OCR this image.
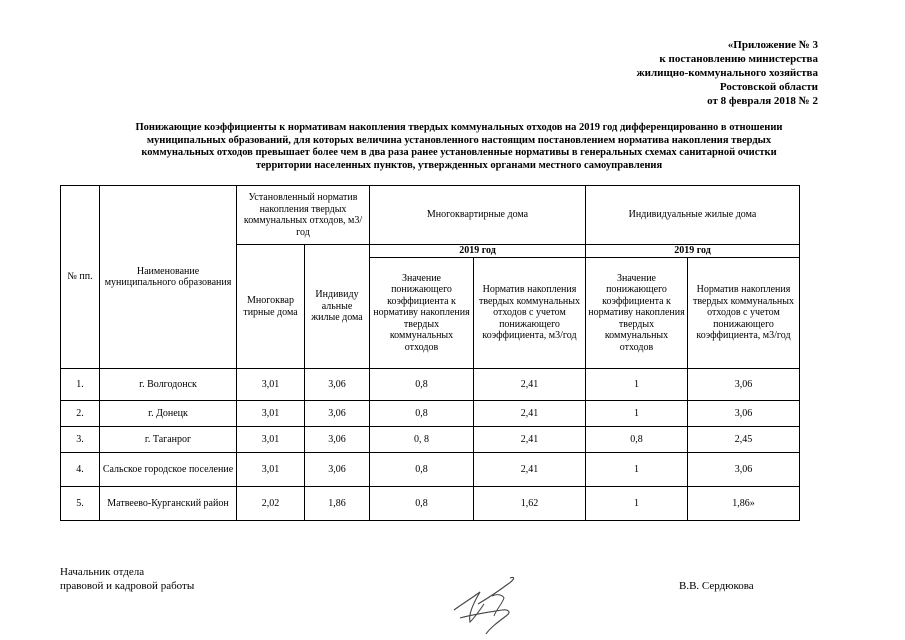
«Приложение № 3
к постановлению министерства
жилищно-коммунального хозяйства
Ростовской области
от 8 февраля 2018 № 2
Понижающие коэффициенты к нормативам накопления твердых коммунальных отходов на 2019 год дифференцированно в отношении
муниципальных образований, для которых величина установленного настоящим постановлением норматива накопления твердых
коммунальных отходов превышает более чем в два раза ранее установленные нормативы в генеральных схемах санитарной очистки
территории населенных пунктов, утвержденных органами местного самоуправления
№ пп.	Наименование муниципального образования	Установленный норматив накопления твердых коммунальных отходов, м3/год		Многоквартирные дома		Индивидуальные жилые дома	
		Многоквар тирные дома	Индивиду альные жилые дома	2019 год		2019 год	
				Значение понижающего коэффициента к нормативу накопления твердых коммунальных отходов	Норматив накопления твердых коммунальных отходов с учетом понижающего коэффициента, м3/год	Значение понижающего коэффициента к нормативу накопления твердых коммунальных отходов	Норматив накопления твердых коммунальных отходов с учетом понижающего коэффициента, м3/год
1.	г. Волгодонск	3,01	3,06	0,8	2,41	1	3,06
2.	г. Донецк	3,01	3,06	0,8	2,41	1	3,06
3.	г. Таганрог	3,01	3,06	0, 8	2,41	0,8	2,45
4.	Сальское городское поселение	3,01	3,06	0,8	2,41	1	3,06
5.	Матвеево-Курганский район	2,02	1,86	0,8	1,62	1	1,86»
Начальник отдела
правовой и кадровой работы	В.В. Сердюкова
